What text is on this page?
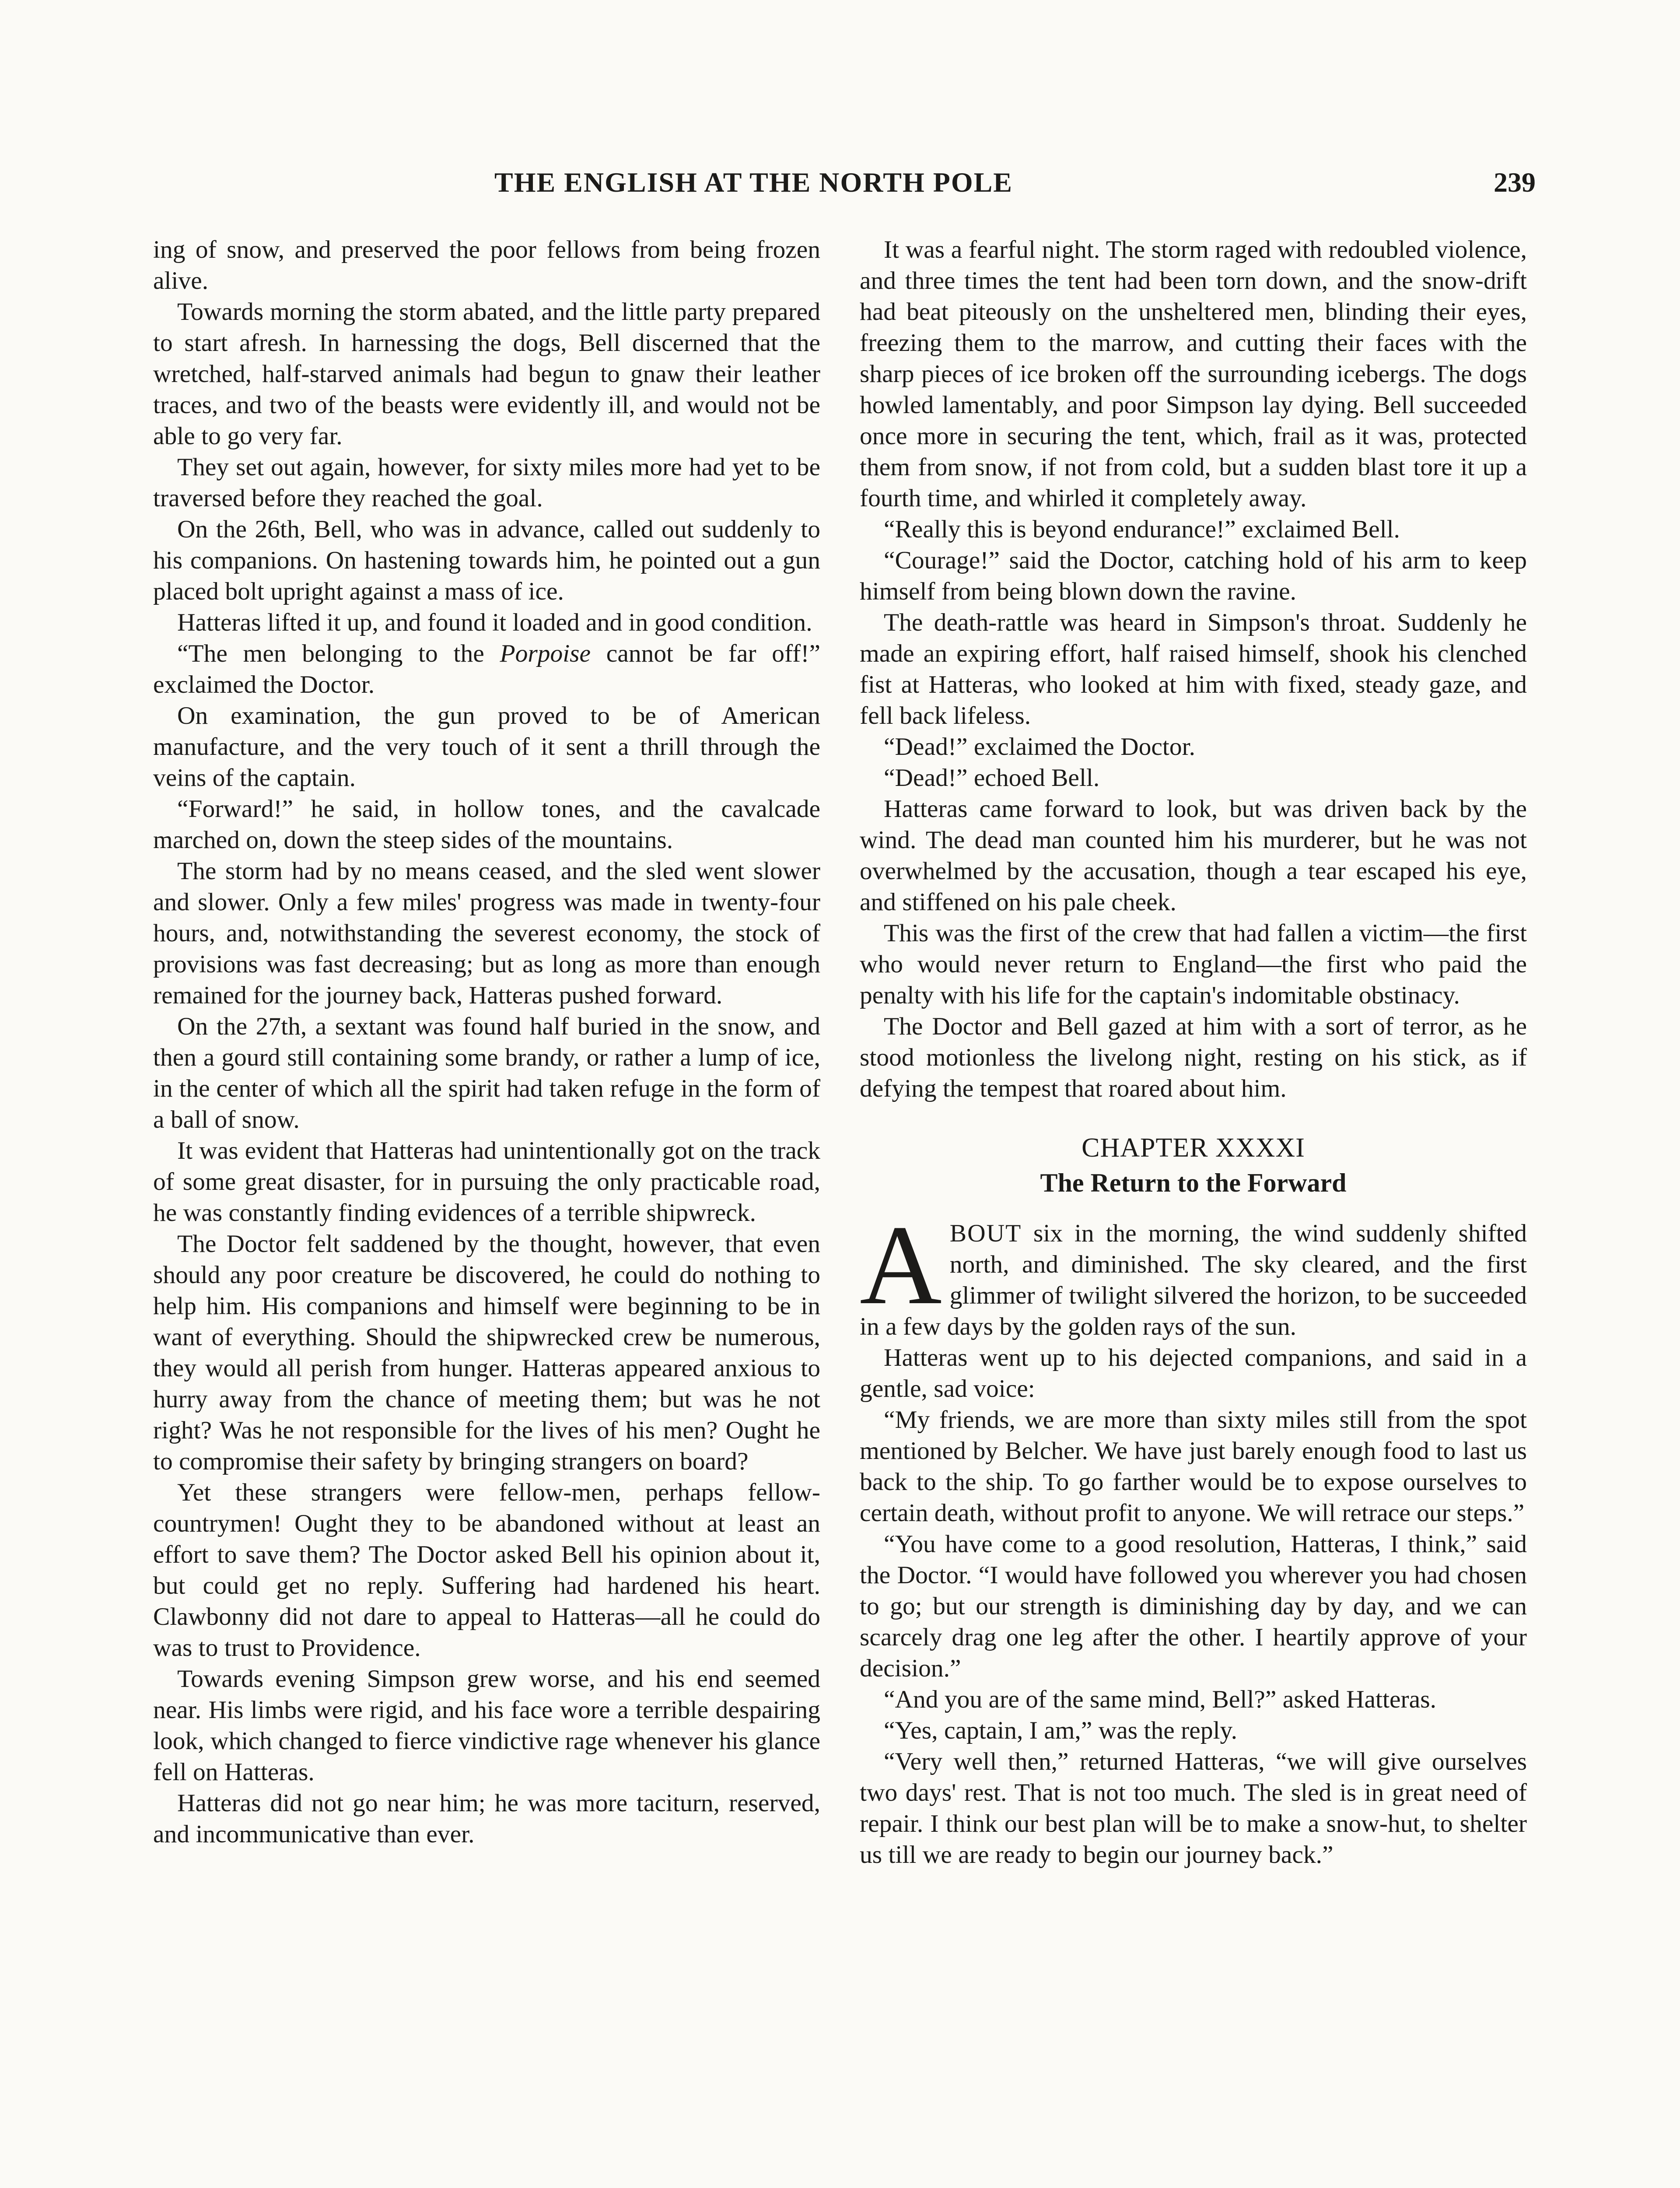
THE ENGLISH AT THE NORTH POLE	239

ing of snow, and preserved the poor fellows from being frozen alive.

Towards morning the storm abated, and the little party prepared to start afresh. In harnessing the dogs, Bell discerned that the wretched, half-starved animals had begun to gnaw their leather traces, and two of the beasts were evidently ill, and would not be able to go very far.

They set out again, however, for sixty miles more had yet to be traversed before they reached the goal.

On the 26th, Bell, who was in advance, called out suddenly to his companions. On hastening towards him, he pointed out a gun placed bolt upright against a mass of ice.

Hatteras lifted it up, and found it loaded and in good condition.

“The men belonging to the Porpoise cannot be far off!” exclaimed the Doctor.

On examination, the gun proved to be of American manufacture, and the very touch of it sent a thrill through the veins of the captain.

“Forward!” he said, in hollow tones, and the cavalcade marched on, down the steep sides of the mountains.

The storm had by no means ceased, and the sled went slower and slower. Only a few miles' progress was made in twenty-four hours, and, notwithstanding the severest economy, the stock of provisions was fast decreasing; but as long as more than enough remained for the journey back, Hatteras pushed forward.

On the 27th, a sextant was found half buried in the snow, and then a gourd still containing some brandy, or rather a lump of ice, in the center of which all the spirit had taken refuge in the form of a ball of snow.

It was evident that Hatteras had unintentionally got on the track of some great disaster, for in pursuing the only practicable road, he was constantly finding evidences of a terrible shipwreck.

The Doctor felt saddened by the thought, however, that even should any poor creature be discovered, he could do nothing to help him. His companions and himself were beginning to be in want of everything. Should the shipwrecked crew be numerous, they would all perish from hunger. Hatteras appeared anxious to hurry away from the chance of meeting them; but was he not right? Was he not responsible for the lives of his men? Ought he to compromise their safety by bringing strangers on board?

Yet these strangers were fellow-men, perhaps fellow-countrymen! Ought they to be abandoned without at least an effort to save them? The Doctor asked Bell his opinion about it, but could get no reply. Suffering had hardened his heart. Clawbonny did not dare to appeal to Hatteras—all he could do was to trust to Providence.

Towards evening Simpson grew worse, and his end seemed near. His limbs were rigid, and his face wore a terrible despairing look, which changed to fierce vindictive rage whenever his glance fell on Hatteras.

Hatteras did not go near him; he was more taciturn, reserved, and incommunicative than ever.

It was a fearful night. The storm raged with redoubled violence, and three times the tent had been torn down, and the snow-drift had beat piteously on the unsheltered men, blinding their eyes, freezing them to the marrow, and cutting their faces with the sharp pieces of ice broken off the surrounding icebergs. The dogs howled lamentably, and poor Simpson lay dying. Bell succeeded once more in securing the tent, which, frail as it was, protected them from snow, if not from cold, but a sudden blast tore it up a fourth time, and whirled it completely away.

“Really this is beyond endurance!” exclaimed Bell.

“Courage!” said the Doctor, catching hold of his arm to keep himself from being blown down the ravine.

The death-rattle was heard in Simpson's throat. Suddenly he made an expiring effort, half raised himself, shook his clenched fist at Hatteras, who looked at him with fixed, steady gaze, and fell back lifeless.

“Dead!” exclaimed the Doctor.

“Dead!” echoed Bell.

Hatteras came forward to look, but was driven back by the wind. The dead man counted him his murderer, but he was not overwhelmed by the accusation, though a tear escaped his eye, and stiffened on his pale cheek.

This was the first of the crew that had fallen a victim—the first who would never return to England—the first who paid the penalty with his life for the captain's indomitable obstinacy.

The Doctor and Bell gazed at him with a sort of terror, as he stood motionless the livelong night, resting on his stick, as if defying the tempest that roared about him.

CHAPTER XXXXI
The Return to the Forward

ABOUT six in the morning, the wind suddenly shifted north, and diminished. The sky cleared, and the first glimmer of twilight silvered the horizon, to be succeeded in a few days by the golden rays of the sun.

Hatteras went up to his dejected companions, and said in a gentle, sad voice:

“My friends, we are more than sixty miles still from the spot mentioned by Belcher. We have just barely enough food to last us back to the ship. To go farther would be to expose ourselves to certain death, without profit to anyone. We will retrace our steps.”

“You have come to a good resolution, Hatteras, I think,” said the Doctor. “I would have followed you wherever you had chosen to go; but our strength is diminishing day by day, and we can scarcely drag one leg after the other. I heartily approve of your decision.”

“And you are of the same mind, Bell?” asked Hatteras.

“Yes, captain, I am,” was the reply.

“Very well then,” returned Hatteras, “we will give ourselves two days' rest. That is not too much. The sled is in great need of repair. I think our best plan will be to make a snow-hut, to shelter us till we are ready to begin our journey back.”
